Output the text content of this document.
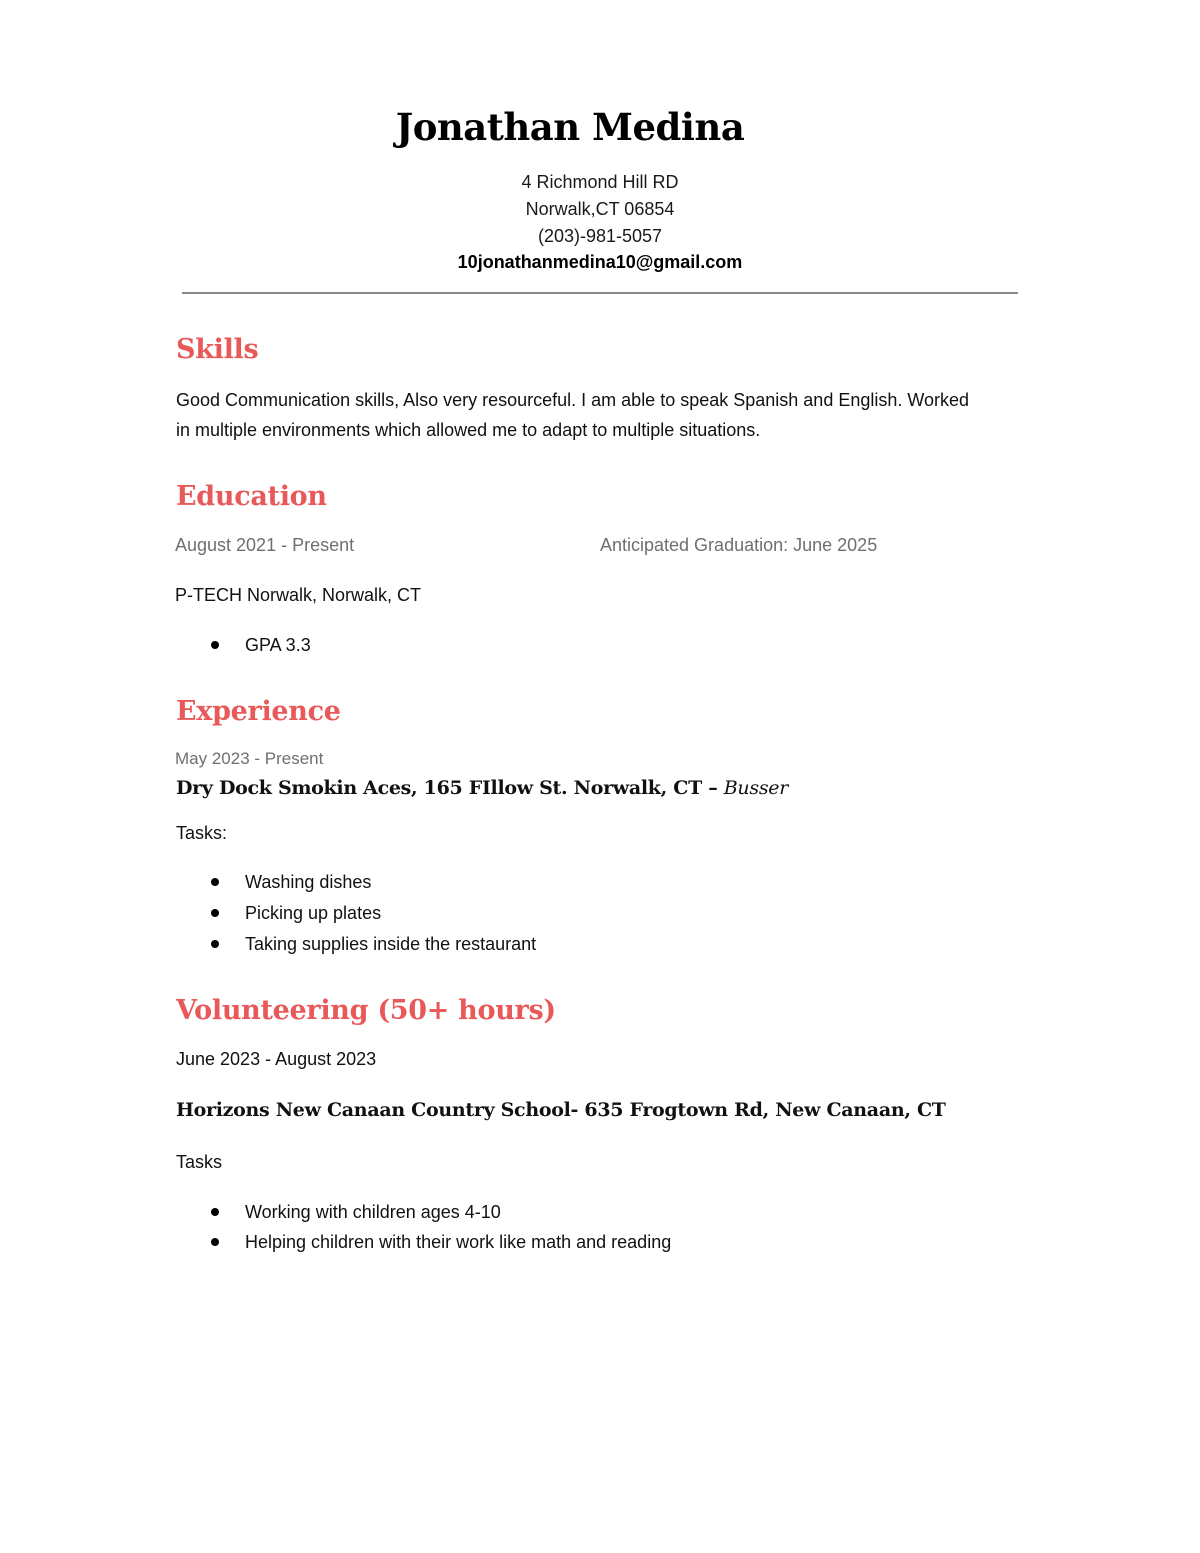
Jonathan Medina
4 Richmond Hill RD
Norwalk,CT 06854
(203)-981-5057
10jonathanmedina10@gmail.com
Skills
Good Communication skills, Also very resourceful. I am able to speak Spanish and English. Worked
in multiple environments which allowed me to adapt to multiple situations.
Education
August 2021 - Present	Anticipated Graduation: June 2025
P-TECH Norwalk, Norwalk, CT
GPA 3.3
Experience
May 2023 - Present
Dry Dock Smokin Aces, 165 FIllow St. Norwalk, CT – Busser
Tasks:
Washing dishes
Picking up plates
Taking supplies inside the restaurant
Volunteering (50+ hours)
June 2023 - August 2023
Horizons New Canaan Country School- 635 Frogtown Rd, New Canaan, CT
Tasks
Working with children ages 4-10
Helping children with their work like math and reading
